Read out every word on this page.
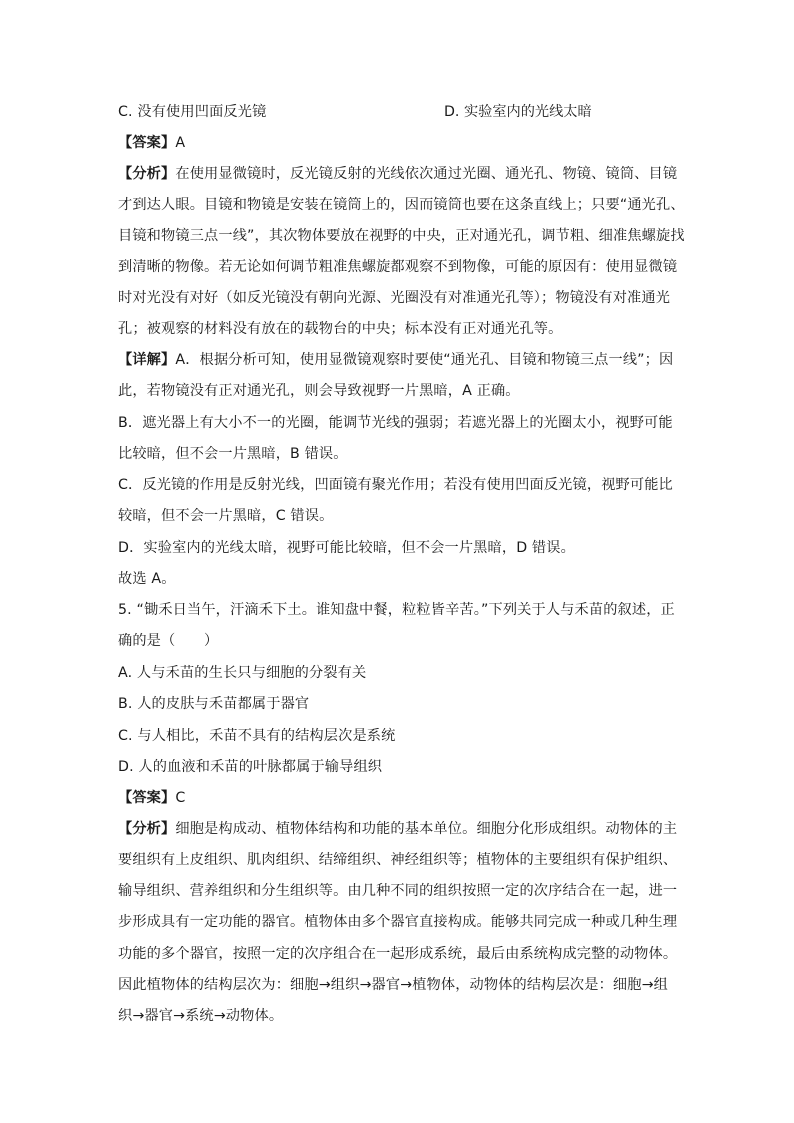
C. 没有使用凹面反光镜	D. 实验室内的光线太暗
【答案】A
【分析】在使用显微镜时，反光镜反射的光线依次通过光圈、通光孔、物镜、镜筒、目镜
才到达人眼。目镜和物镜是安装在镜筒上的，因而镜筒也要在这条直线上；只要“通光孔、
目镜和物镜三点一线”，其次物体要放在视野的中央，正对通光孔，调节粗、细准焦螺旋找
到清晰的物像。若无论如何调节粗准焦螺旋都观察不到物像，可能的原因有：使用显微镜
时对光没有对好（如反光镜没有朝向光源、光圈没有对准通光孔等）；物镜没有对准通光
孔；被观察的材料没有放在的载物台的中央；标本没有正对通光孔等。
【详解】A．根据分析可知，使用显微镜观察时要使“通光孔、目镜和物镜三点一线”；因
此，若物镜没有正对通光孔，则会导致视野一片黑暗，A 正确。
B．遮光器上有大小不一的光圈，能调节光线的强弱；若遮光器上的光圈太小，视野可能
比较暗，但不会一片黑暗，B 错误。
C．反光镜的作用是反射光线，凹面镜有聚光作用；若没有使用凹面反光镜，视野可能比
较暗，但不会一片黑暗，C 错误。
D．实验室内的光线太暗，视野可能比较暗，但不会一片黑暗，D 错误。
故选 A。
5. “锄禾日当午，汗滴禾下土。谁知盘中餐，粒粒皆辛苦。”下列关于人与禾苗的叙述，正
确的是（　　）
A. 人与禾苗的生长只与细胞的分裂有关
B. 人的皮肤与禾苗都属于器官
C. 与人相比，禾苗不具有的结构层次是系统
D. 人的血液和禾苗的叶脉都属于输导组织
【答案】C
【分析】细胞是构成动、植物体结构和功能的基本单位。细胞分化形成组织。动物体的主
要组织有上皮组织、肌肉组织、结缔组织、神经组织等；植物体的主要组织有保护组织、
输导组织、营养组织和分生组织等。由几种不同的组织按照一定的次序结合在一起，进一
步形成具有一定功能的器官。植物体由多个器官直接构成。能够共同完成一种或几种生理
功能的多个器官，按照一定的次序组合在一起形成系统，最后由系统构成完整的动物体。
因此植物体的结构层次为：细胞→组织→器官→植物体，动物体的结构层次是：细胞→组
织→器官→系统→动物体。
